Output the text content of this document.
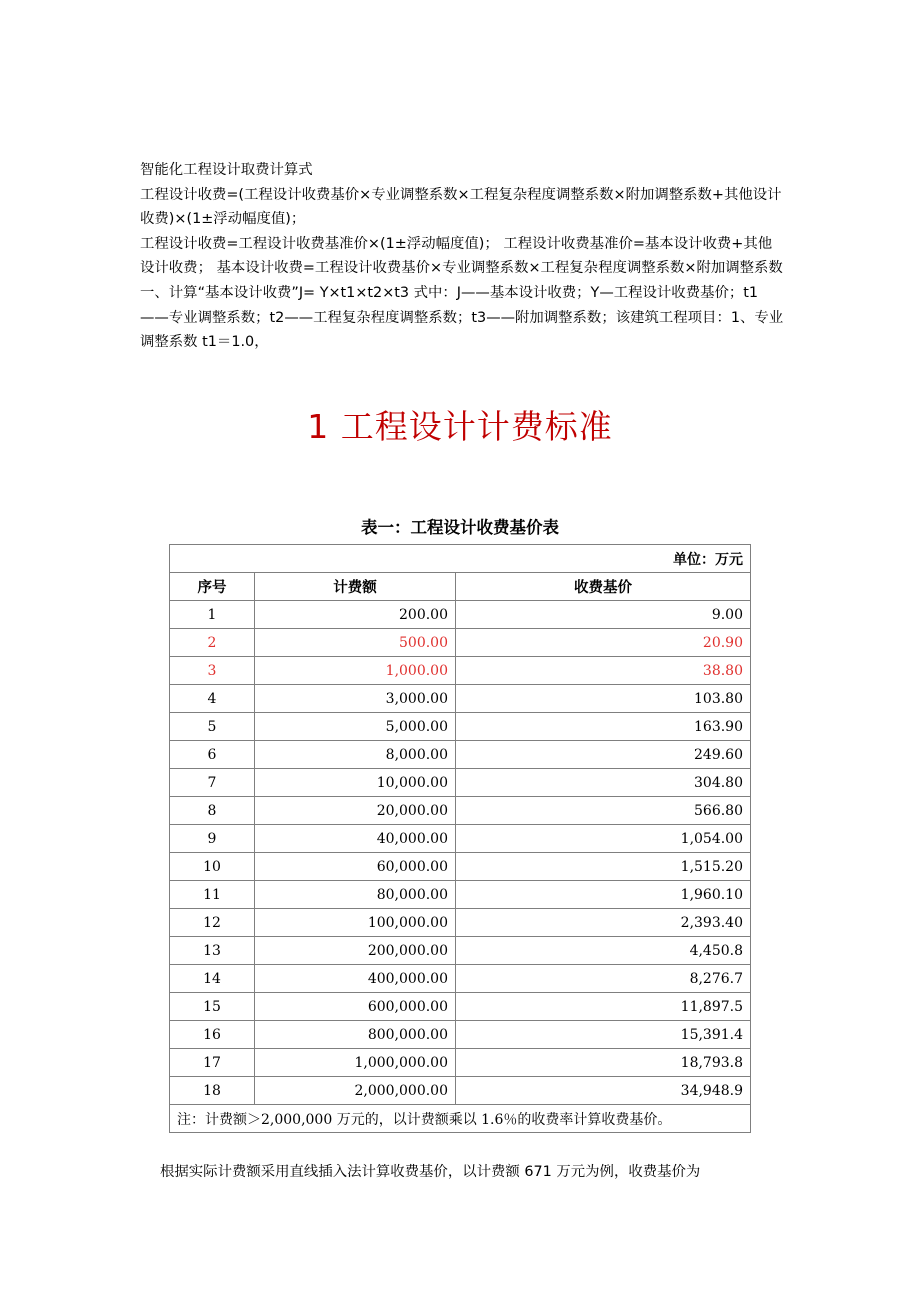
智能化工程设计取费计算式

工程设计收费=(工程设计收费基价×专业调整系数×工程复杂程度调整系数×附加调整系数+其他设计收费)×(1±浮动幅度值)；

工程设计收费=工程设计收费基准价×(1±浮动幅度值)； 工程设计收费基准价=基本设计收费+其他设计收费； 基本设计收费=工程设计收费基价×专业调整系数×工程复杂程度调整系数×附加调整系数

一、计算“基本设计收费”J= Y×t1×t2×t3 式中：J——基本设计收费；Y—工程设计收费基价；t1——专业调整系数；t2——工程复杂程度调整系数；t3——附加调整系数；该建筑工程项目：1、专业调整系数 t1＝1.0，

1 工程设计计费标准
表一：工程设计收费基价表
单位：万元		
序号	计费额	收费基价
1	200.00	9.00
2	500.00	20.90
3	1,000.00	38.80
4	3,000.00	103.80
5	5,000.00	163.90
6	8,000.00	249.60
7	10,000.00	304.80
8	20,000.00	566.80
9	40,000.00	1,054.00
10	60,000.00	1,515.20
11	80,000.00	1,960.10
12	100,000.00	2,393.40
13	200,000.00	4,450.8
14	400,000.00	8,276.7
15	600,000.00	11,897.5
16	800,000.00	15,391.4
17	1,000,000.00	18,793.8
18	2,000,000.00	34,948.9
注：计费额＞2,000,000 万元的，以计费额乘以 1.6％的收费率计算收费基价。		

根据实际计费额采用直线插入法计算收费基价，以计费额 671 万元为例，收费基价为
